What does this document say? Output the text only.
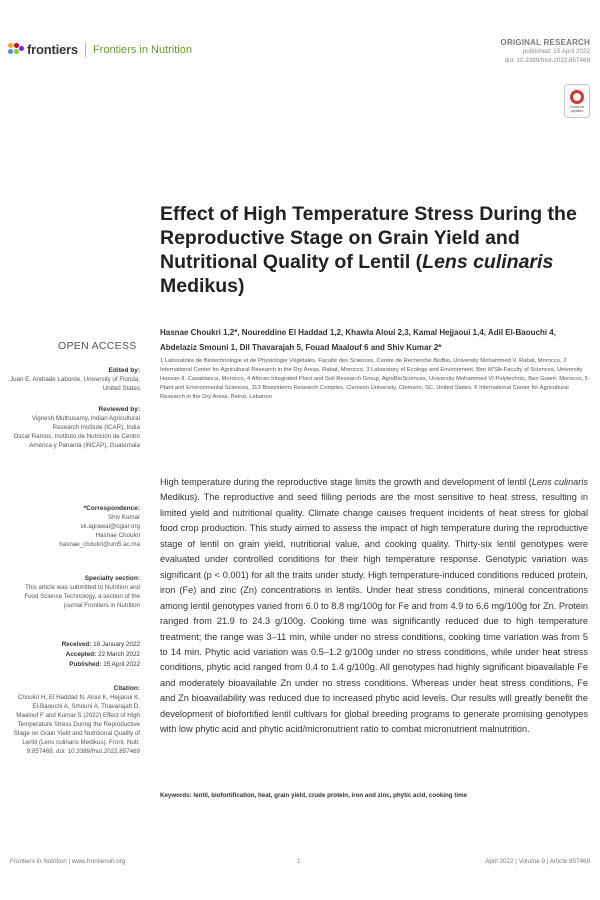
frontiers Frontiers in Nutrition
ORIGINAL RESEARCH
published: 15 April 2022
doi: 10.3389/fnut.2022.857469
Check for updates
Effect of High Temperature Stress During the Reproductive Stage on Grain Yield and Nutritional Quality of Lentil (Lens culinaris Medikus)
Hasnae Choukri 1,2*, Noureddine El Haddad 1,2, Khawla Aloui 2,3, Kamal Hejjaoui 1,4, Adil El-Baouchi 4, Abdelaziz Smouni 1, Dil Thavarajah 5, Fouad Maalouf 6 and Shiv Kumar 2*
1 Laboratoire de Biotechnologie et de Physiologie Végétales, Faculté des Sciences, Centre de Recherche BioBio, University Mohammed V, Rabat, Morocco, 2 International Center for Agricultural Research in the Dry Areas, Rabat, Morocco, 3 Laboratory of Ecology and Environment, Ben M'Sik Faculty of Sciences, University Hassan II, Casablanca, Morocco, 4 African Integrated Plant and Soil Research Group, AgroBioSciences, University Mohammed VI Polytechnic, Ben Guerir, Morocco, 5 Plant and Environmental Sciences, 113 Biosystems Research Complex, Clemson University, Clemson, SC, United States, 6 International Center for Agricultural Research in the Dry Areas, Beirut, Lebanon
OPEN ACCESS
Edited by:
Juan E. Andrade Laborde, University of Florida, United States
Reviewed by:
Vignesh Muthusamy, Indian Agricultural Research Institute (ICAR), India
Oscar Ramos, Instituto de Nutrición de Centro América y Panamá (INCAP), Guatemala
*Correspondence:
Shiv Kumar
sk.agrawal@cgiar.org
Hasnae Choukri
hasnae_choukri@um5.ac.ma
Specialty section:
This article was submitted to Nutrition and Food Science Technology, a section of the journal Frontiers in Nutrition
Received: 18 January 2022
Accepted: 22 March 2022
Published: 15 April 2022
Citation:
Choukri H, El Haddad N, Aloui K, Hejjaoui K, El-Baouchi A, Smouni A, Thavarajah D, Maalouf F and Kumar S (2022) Effect of High Temperature Stress During the Reproductive Stage on Grain Yield and Nutritional Quality of Lentil (Lens culinaris Medikus). Front. Nutr. 9:857469. doi: 10.3389/fnut.2022.857469
High temperature during the reproductive stage limits the growth and development of lentil (Lens culinaris Medikus). The reproductive and seed filling periods are the most sensitive to heat stress, resulting in limited yield and nutritional quality. Climate change causes frequent incidents of heat stress for global food crop production. This study aimed to assess the impact of high temperature during the reproductive stage of lentil on grain yield, nutritional value, and cooking quality. Thirty-six lentil genotypes were evaluated under controlled conditions for their high temperature response. Genotypic variation was significant (p < 0.001) for all the traits under study. High temperature-induced conditions reduced protein, iron (Fe) and zinc (Zn) concentrations in lentils. Under heat stress conditions, mineral concentrations among lentil genotypes varied from 6.0 to 8.8 mg/100g for Fe and from 4.9 to 6.6 mg/100g for Zn. Protein ranged from 21.9 to 24.3 g/100g. Cooking time was significantly reduced due to high temperature treatment; the range was 3–11 min, while under no stress conditions, cooking time variation was from 5 to 14 min. Phytic acid variation was 0.5–1.2 g/100g under no stress conditions, while under heat stress conditions, phytic acid ranged from 0.4 to 1.4 g/100g. All genotypes had highly significant bioavailable Fe and moderately bioavailable Zn under no stress conditions. Whereas under heat stress conditions, Fe and Zn bioavailability was reduced due to increased phytic acid levels. Our results will greatly benefit the development of biofortified lentil cultivars for global breeding programs to generate promising genotypes with low phytic acid and phytic acid/micronutrient ratio to combat micronutrient malnutrition.
Keywords: lentil, biofortification, heat, grain yield, crude protein, iron and zinc, phytic acid, cooking time
Frontiers in Nutrition | www.frontiersin.org	1	April 2022 | Volume 9 | Article 857469
